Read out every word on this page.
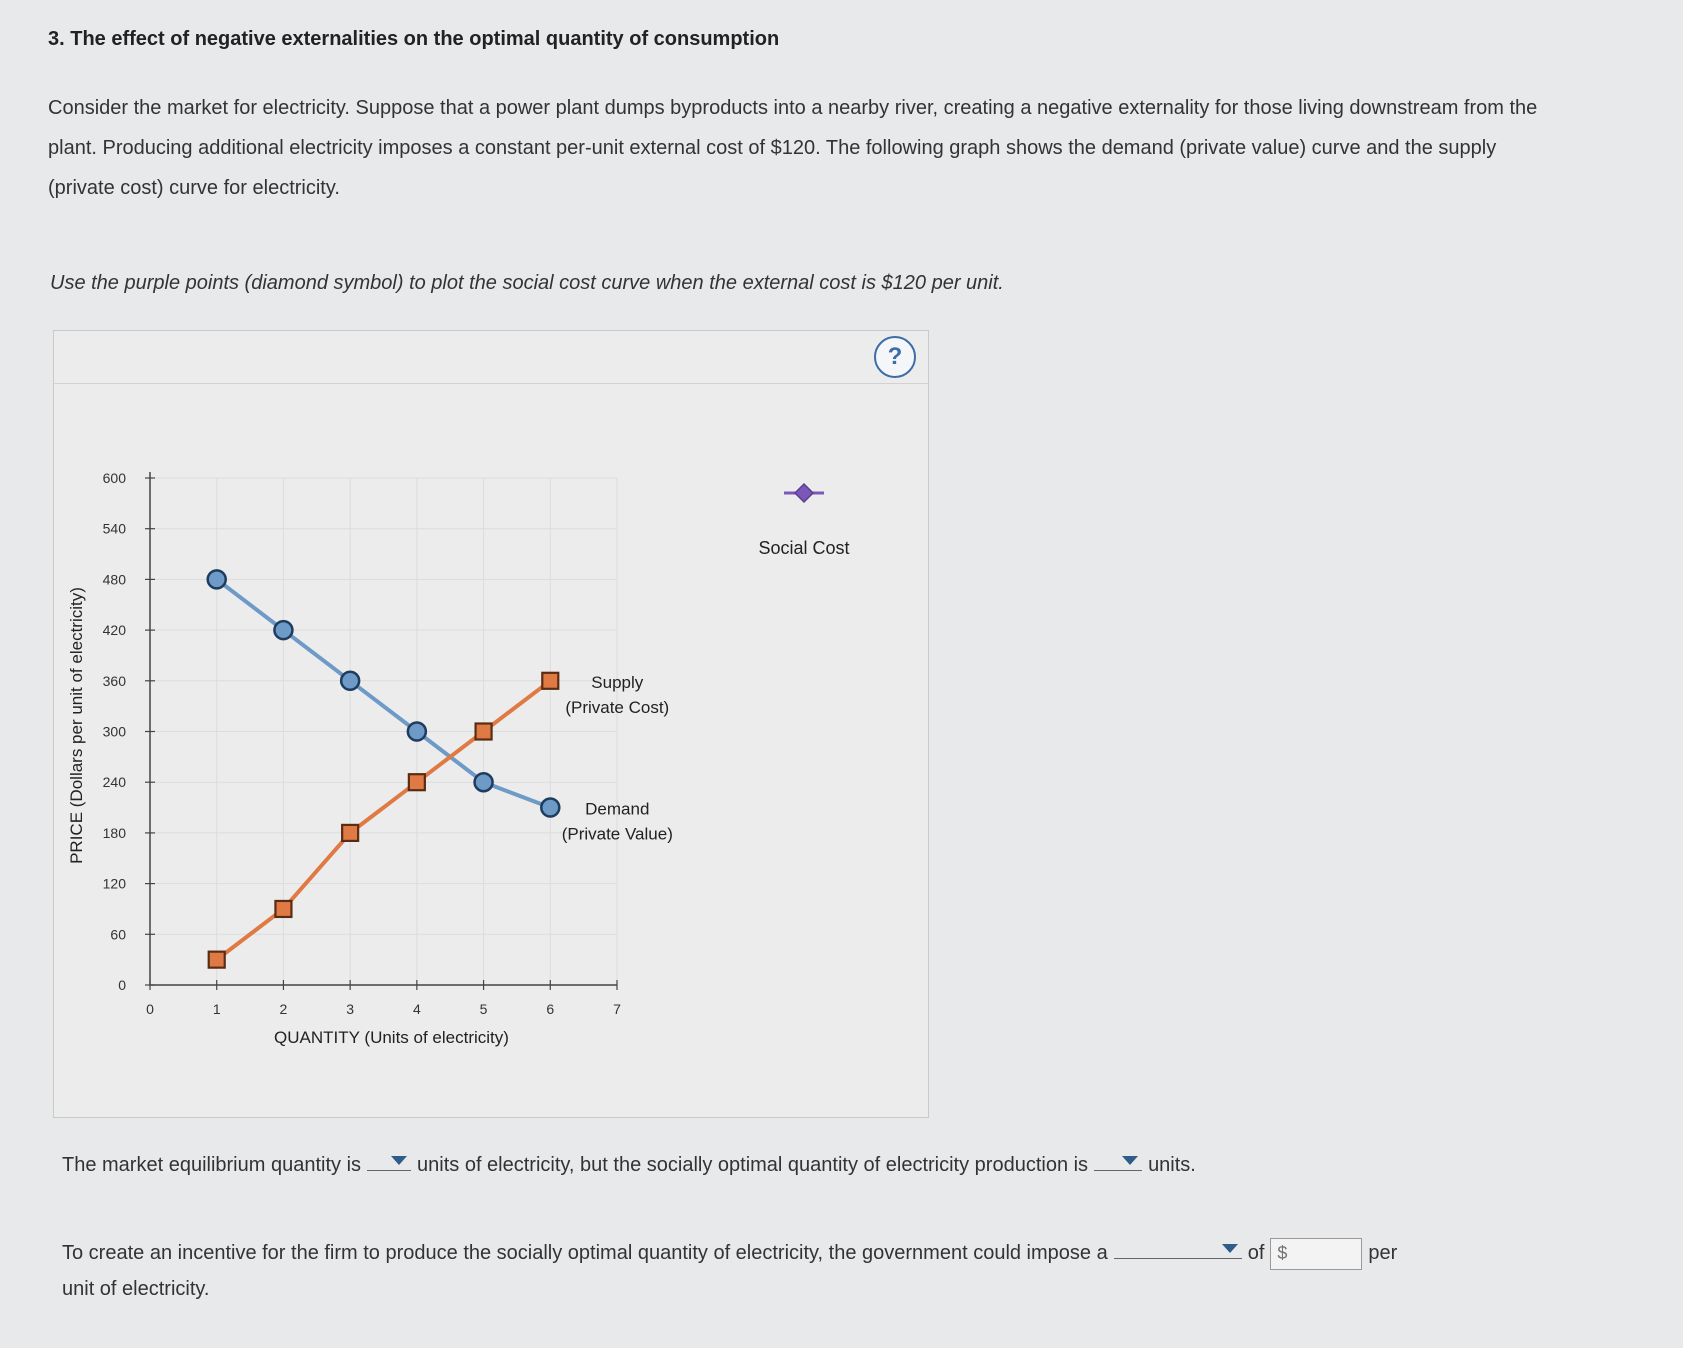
3. The effect of negative externalities on the optimal quantity of consumption
Consider the market for electricity. Suppose that a power plant dumps byproducts into a nearby river, creating a negative externality for those living downstream from the plant. Producing additional electricity imposes a constant per-unit external cost of $120. The following graph shows the demand (private value) curve and the supply (private cost) curve for electricity.
Use the purple points (diamond symbol) to plot the social cost curve when the external cost is $120 per unit.
?
0
60
120
180
240
300
360
420
480
540
600
0	1	2	3	4	5	6	7
QUANTITY (Units of electricity)
PRICE (Dollars per unit of electricity)	Demand
(Private Value)
Supply
(Private Cost)
Social Cost
The market equilibrium quantity is	units of electricity, but the socially optimal quantity of electricity production is	units.
To create an incentive for the firm to produce the socially optimal quantity of electricity, the government could impose a	of$	per
unit of electricity.
